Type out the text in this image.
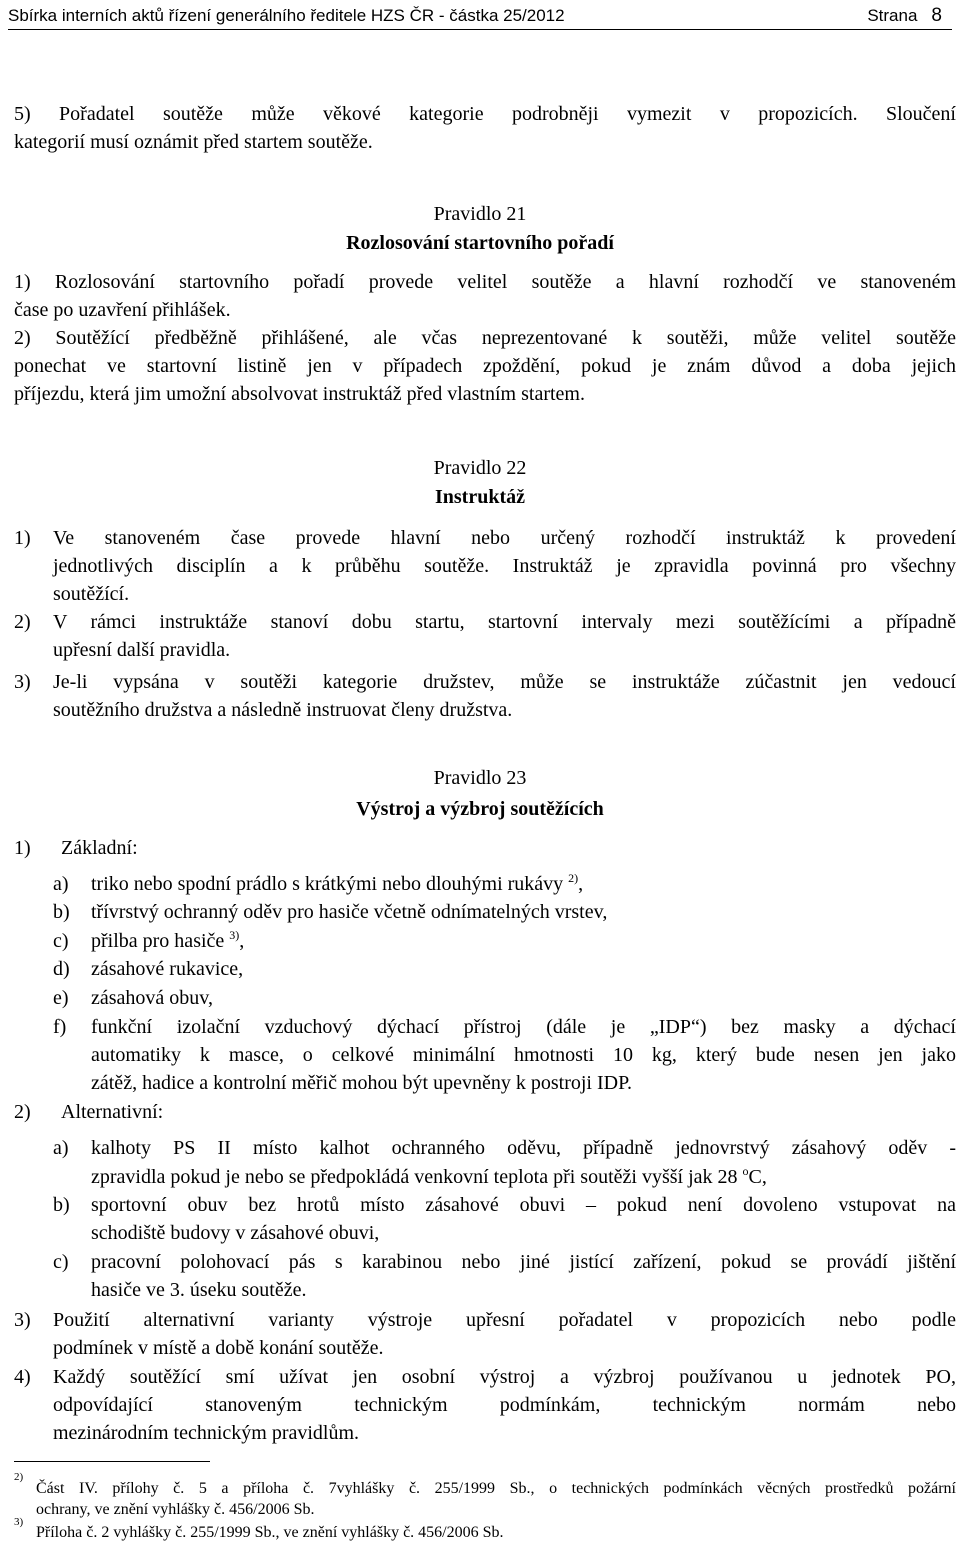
Sbírka interních aktů řízení generálního ředitele HZS ČR - částka 25/2012	Strana 8
5) Pořadatel soutěže může věkové kategorie podrobněji vymezit v propozicích. Sloučení
kategorií musí oznámit před startem soutěže.
Pravidlo 21
Rozlosování startovního pořadí
1) Rozlosování startovního pořadí provede velitel soutěže a hlavní rozhodčí ve stanoveném
čase po uzavření přihlášek.
2) Soutěžící předběžně přihlášené, ale včas neprezentované k soutěži, může velitel soutěže
ponechat ve startovní listině jen v případech zpoždění, pokud je znám důvod a doba jejich
příjezdu, která jim umožní absolvovat instruktáž před vlastním startem.
Pravidlo 22
Instruktáž
1) Ve stanoveném čase provede hlavní nebo určený rozhodčí instruktáž k provedení
jednotlivých disciplín a k průběhu soutěže. Instruktáž je zpravidla povinná pro všechny
soutěžící.
2) V rámci instruktáže stanoví dobu startu, startovní intervaly mezi soutěžícími a případně
upřesní další pravidla.
3) Je-li vypsána v soutěži kategorie družstev, může se instruktáže zúčastnit jen vedoucí
soutěžního družstva a následně instruovat členy družstva.
Pravidlo 23
Výstroj a výzbroj soutěžících
1) Základní:
a) triko nebo spodní prádlo s krátkými nebo dlouhými rukávy $^{2)}$,
b) třívrstvý ochranný oděv pro hasiče včetně odnímatelných vrstev,
c) přilba pro hasiče $^{3)}$,
d) zásahové rukavice,
e) zásahová obuv,
f) funkční izolační vzduchový dýchací přístroj (dále je „IDP“) bez masky a dýchací
automatiky k masce, o celkové minimální hmotnosti 10 kg, který bude nesen jen jako
zátěž, hadice a kontrolní měřič mohou být upevněny k postroji IDP.
2) Alternativní:
a) kalhoty PS II místo kalhot ochranného oděvu, případně jednovrstvý zásahový oděv -
zpravidla pokud je nebo se předpokládá venkovní teplota při soutěži vyšší jak 28 $^o$C,
b) sportovní obuv bez hrotů místo zásahové obuvi – pokud není dovoleno vstupovat na
schodiště budovy v zásahové obuvi,
c) pracovní polohovací pás s karabinou nebo jiné jistící zařízení, pokud se provádí jištění
hasiče ve 3. úseku soutěže.
3) Použití alternativní varianty výstroje upřesní pořadatel v propozicích nebo podle
podmínek v místě a době konání soutěže.
4) Každý soutěžící smí užívat jen osobní výstroj a výzbroj používanou u jednotek PO,
odpovídající stanoveným technickým podmínkám, technickým normám nebo
mezinárodním technickým pravidlům.
2)
Část IV. přílohy č. 5 a příloha č. 7vyhlášky č. 255/1999 Sb., o technických podmínkách věcných prostředků požární
ochrany, ve znění vyhlášky č. 456/2006 Sb.
3)
Příloha č. 2 vyhlášky č. 255/1999 Sb., ve znění vyhlášky č. 456/2006 Sb.
